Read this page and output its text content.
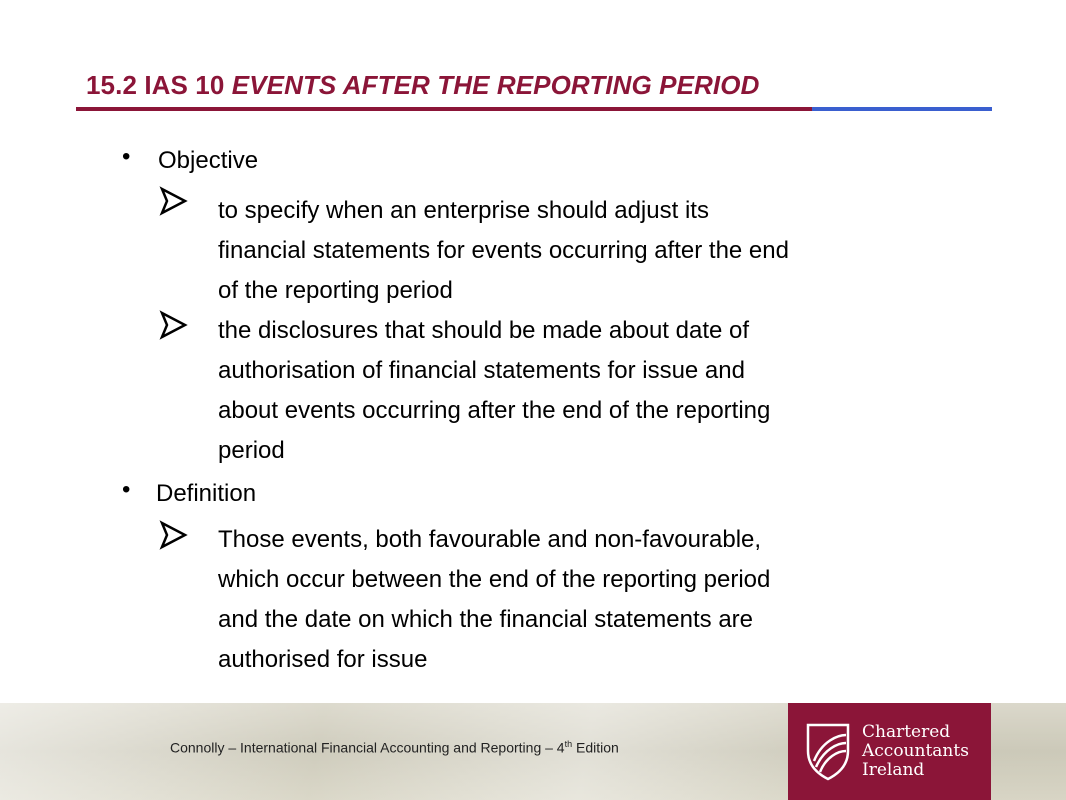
15.2 IAS 10 EVENTS AFTER THE REPORTING PERIOD
• Objective
to specify when an enterprise should adjust its
financial statements for events occurring after the end
of the reporting period
the disclosures that should be made about date of
authorisation of financial statements for issue and
about events occurring after the end of the reporting
period
• Definition
Those events, both favourable and non-favourable,
which occur between the end of the reporting period
and the date on which the financial statements are
authorised for issue
Connolly – International Financial Accounting and Reporting – 4th Edition
Chartered
Accountants
Ireland
